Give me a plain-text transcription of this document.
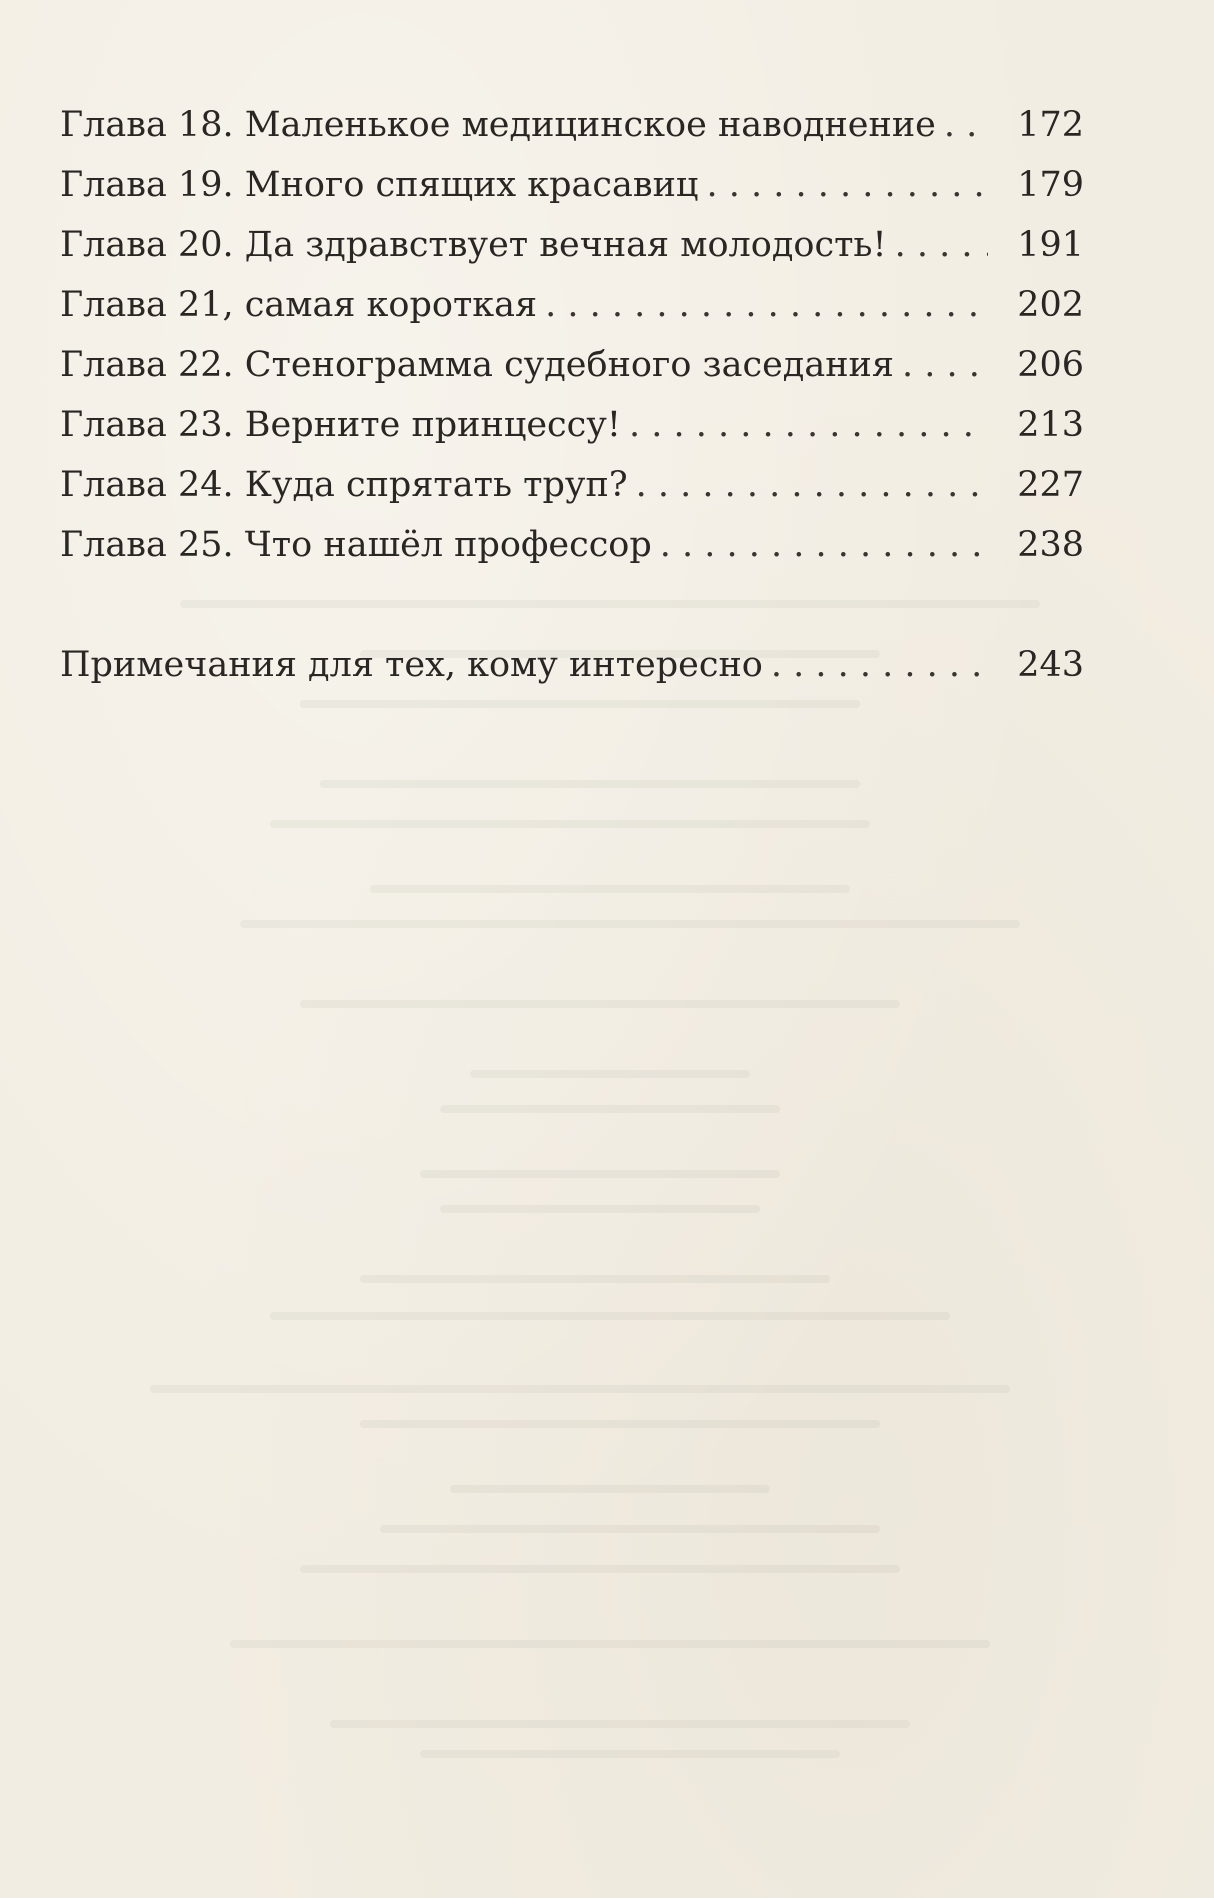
Глава 18. Маленькое медицинское наводнение . . .	172
Глава 19. Много спящих красавиц . . .	179
Глава 20. Да здравствует вечная молодость! . . .	191
Глава 21, самая короткая . . .	202
Глава 22. Стенограмма судебного заседания . . .	206
Глава 23. Верните принцессу! . . .	213
Глава 24. Куда спрятать труп? . . .	227
Глава 25. Что нашёл профессор . . .	238
Примечания для тех, кому интересно . . .	243
